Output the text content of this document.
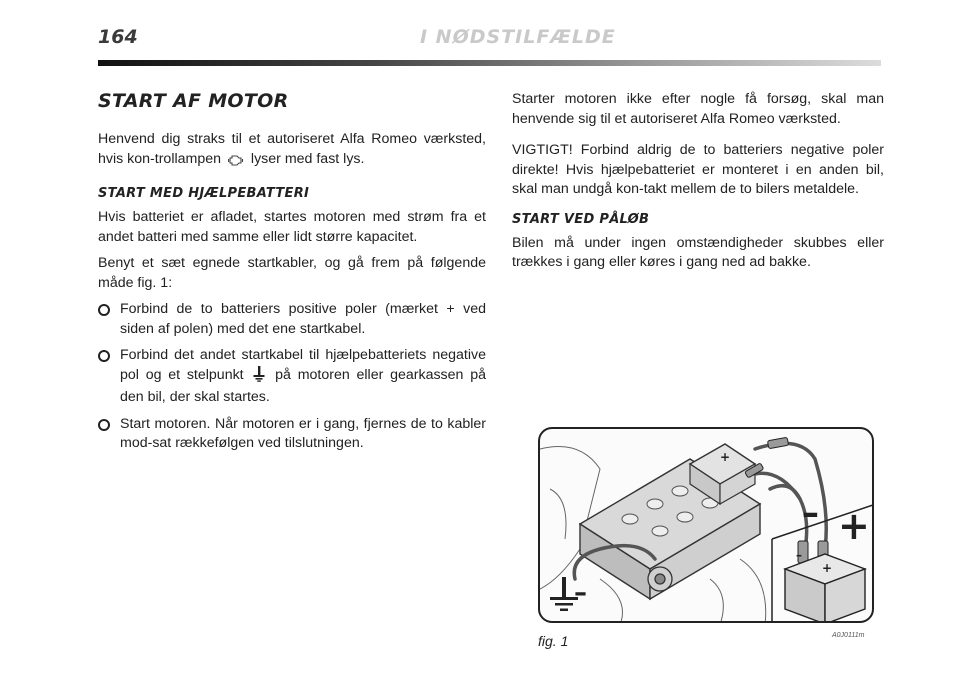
164	I NØDSTILFÆLDE
START AF MOTOR
Henvend dig straks til et autoriseret Alfa Romeo værksted, hvis kon-trollampen lyser med fast lys.
START MED HJÆLPEBATTERI
Hvis batteriet er afladet, startes motoren med strøm fra et andet batteri med samme eller lidt større kapacitet.
Benyt et sæt egnede startkabler, og gå frem på følgende måde fig. 1:
Forbind de to batteriers positive poler (mærket + ved siden af polen) med det ene startkabel.
Forbind det andet startkabel til hjælpebatteriets negative pol og et stelpunkt på motoren eller gearkassen på den bil, der skal startes.
Start motoren. Når motoren er i gang, fjernes de to kabler mod-sat rækkefølgen ved tilslutningen.
Starter motoren ikke efter nogle få forsøg, skal man henvende sig til et autoriseret Alfa Romeo værksted.
VIGTIGT! Forbind aldrig de to batteriers negative poler direkte! Hvis hjælpebatteriet er monteret i en anden bil, skal man undgå kon-takt mellem de to bilers metaldele.
START VED PÅLØB
Bilen må under ingen omstændigheder skubbes eller trækkes i gang eller køres i gang ned ad bakke.
+
– +
–
+
–
fig. 1	A0J0111m
